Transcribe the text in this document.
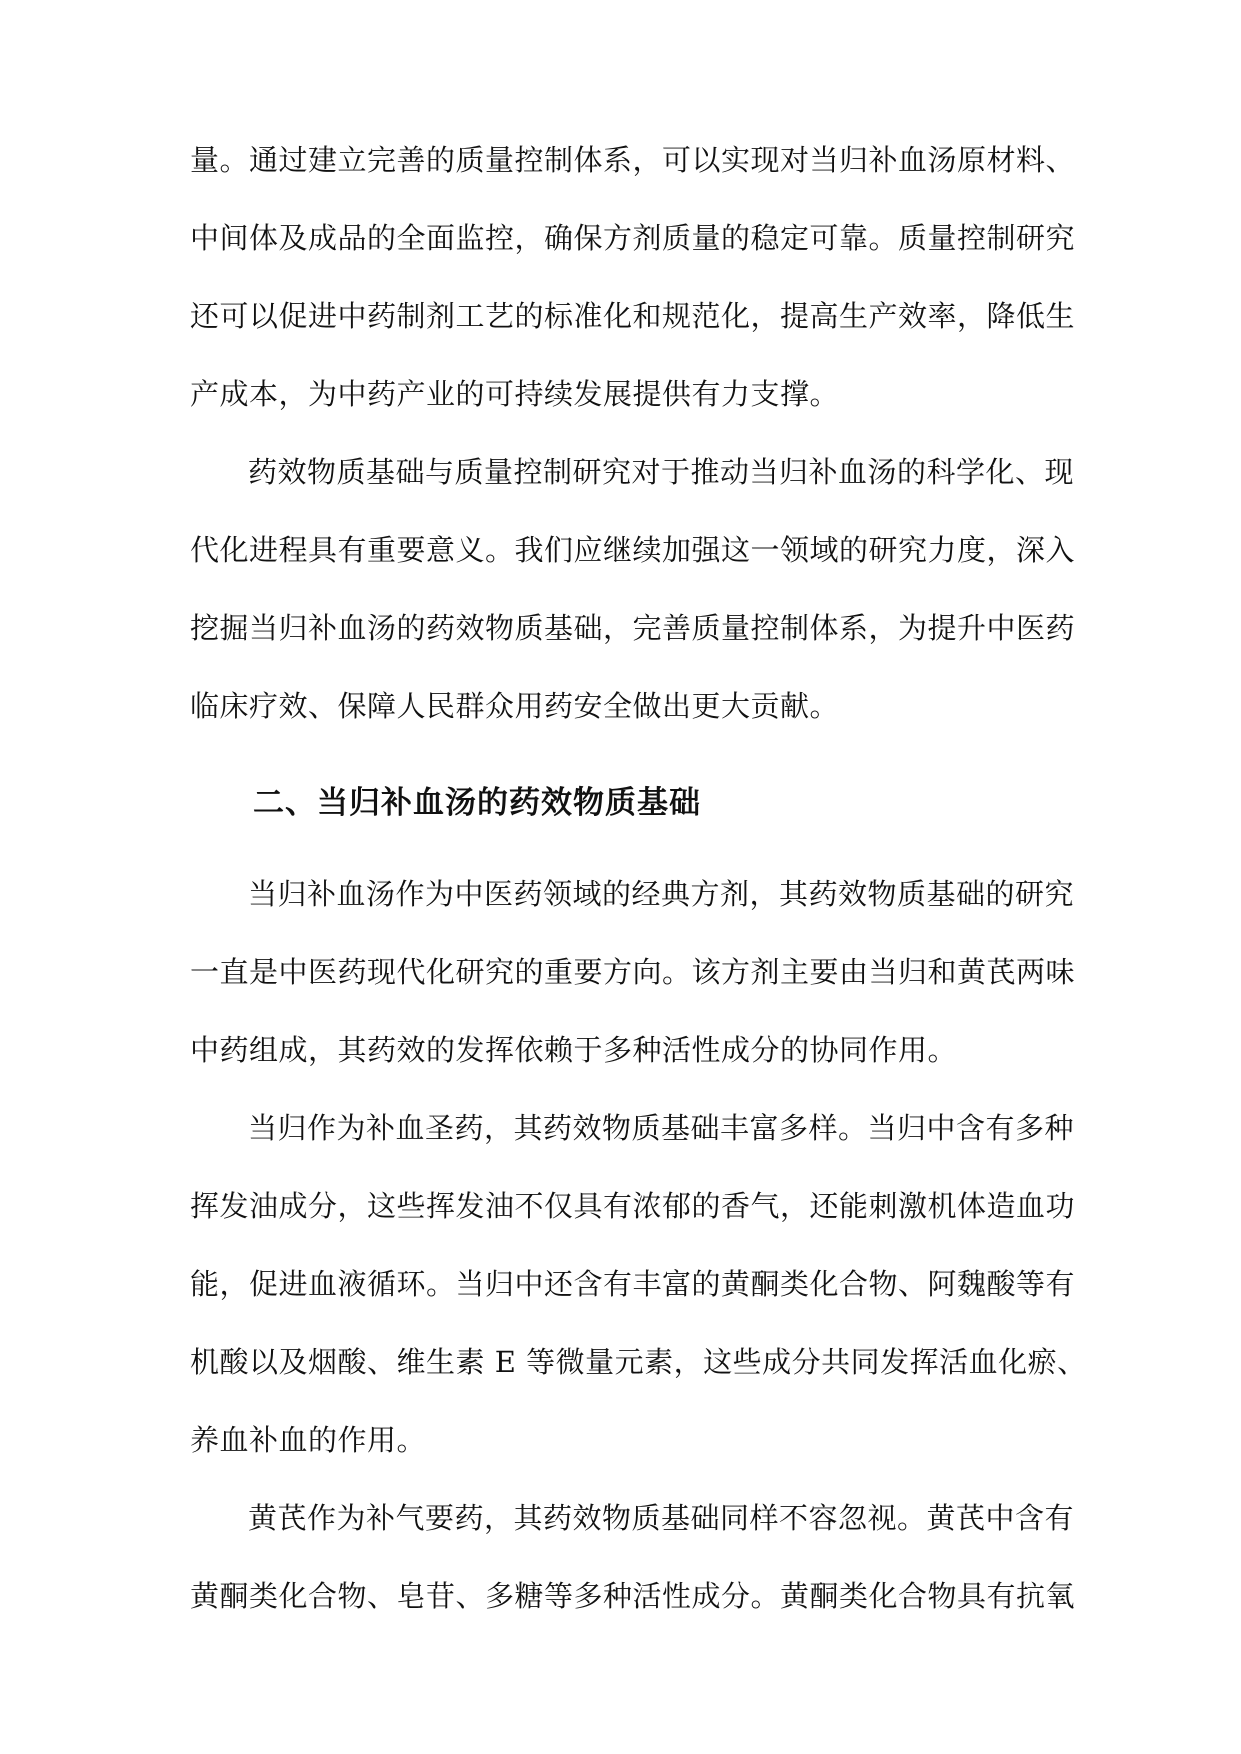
量。通过建立完善的质量控制体系，可以实现对当归补血汤原材料、
中间体及成品的全面监控，确保方剂质量的稳定可靠。质量控制研究
还可以促进中药制剂工艺的标准化和规范化，提高生产效率，降低生
产成本，为中药产业的可持续发展提供有力支撑。
药效物质基础与质量控制研究对于推动当归补血汤的科学化、现
代化进程具有重要意义。我们应继续加强这一领域的研究力度，深入
挖掘当归补血汤的药效物质基础，完善质量控制体系，为提升中医药
临床疗效、保障人民群众用药安全做出更大贡献。
二、当归补血汤的药效物质基础
当归补血汤作为中医药领域的经典方剂，其药效物质基础的研究
一直是中医药现代化研究的重要方向。该方剂主要由当归和黄芪两味
中药组成，其药效的发挥依赖于多种活性成分的协同作用。
当归作为补血圣药，其药效物质基础丰富多样。当归中含有多种
挥发油成分，这些挥发油不仅具有浓郁的香气，还能刺激机体造血功
能，促进血液循环。当归中还含有丰富的黄酮类化合物、阿魏酸等有
机酸以及烟酸、维生素 E 等微量元素，这些成分共同发挥活血化瘀、
养血补血的作用。
黄芪作为补气要药，其药效物质基础同样不容忽视。黄芪中含有
黄酮类化合物、皂苷、多糖等多种活性成分。黄酮类化合物具有抗氧
